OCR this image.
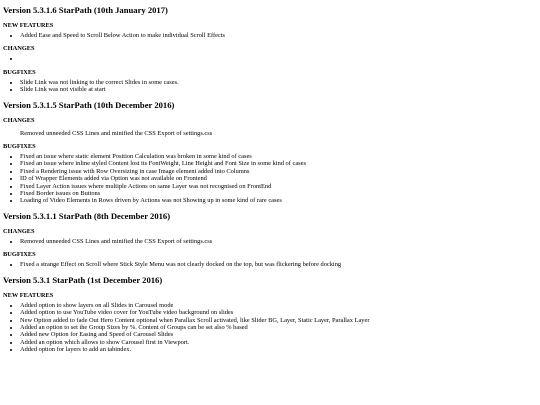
Version 5.3.1.6 StarPath (10th January 2017)
NEW FEATURES
• Added Ease and Speed to Scroll Below Action to make individual Scroll Effects
CHANGES
•
BUGFIXES
• Slide Link was not linking to the correct Slides in some cases.
• Slide Link was not visible at start
Version 5.3.1.5 StarPath (10th December 2016)
CHANGES
Removed unneeded CSS Lines and minified the CSS Export of settings.css
BUGFIXES
• Fixed an issue where static element Position Calculation was broken in some kind of cases
• Fixed an issue where inline styled Content lost its FontWeight, Line Height and Font Size in some kind of cases
• Fixed a Rendering issue with Row Oversizing in case Image element added into Columns
• ID of Wrapper Elements added via Option was not available on Frontend
• Fixed Layer Action issues where multiple Actions on same Layer was not recognised on FrontEnd
• Fixed Border issues on Buttons
• Loading of Video Elements in Rows driven by Actions was not Showing up in some kind of rare cases
Version 5.3.1.1 StarPath (8th December 2016)
CHANGES
• Removed unneeded CSS Lines and minified the CSS Export of settings.css
BUGFIXES
• Fixed a strange Effect on Scroll where Stick Style Menu was not clearly docked on the top, but was flickering before docking
Version 5.3.1 StarPath (1st December 2016)
NEW FEATURES
• Added option to show layers on all Slides in Carousel mode
• Added option to use YouTube video cover for YouTube video background on slides
• New Option added to fade Out Hero Content optional when Parallax Scroll activated, like Slider BG, Layer, Static Layer, Parallax Layer
• Added an option to set the Group Sizes by %. Content of Groups can be set also % based
• Added new Option for Easing and Speed of Carousel Slides
• Added an option which allows to show Carousel first in Viewport.
• Added option for layers to add an tabindex.
